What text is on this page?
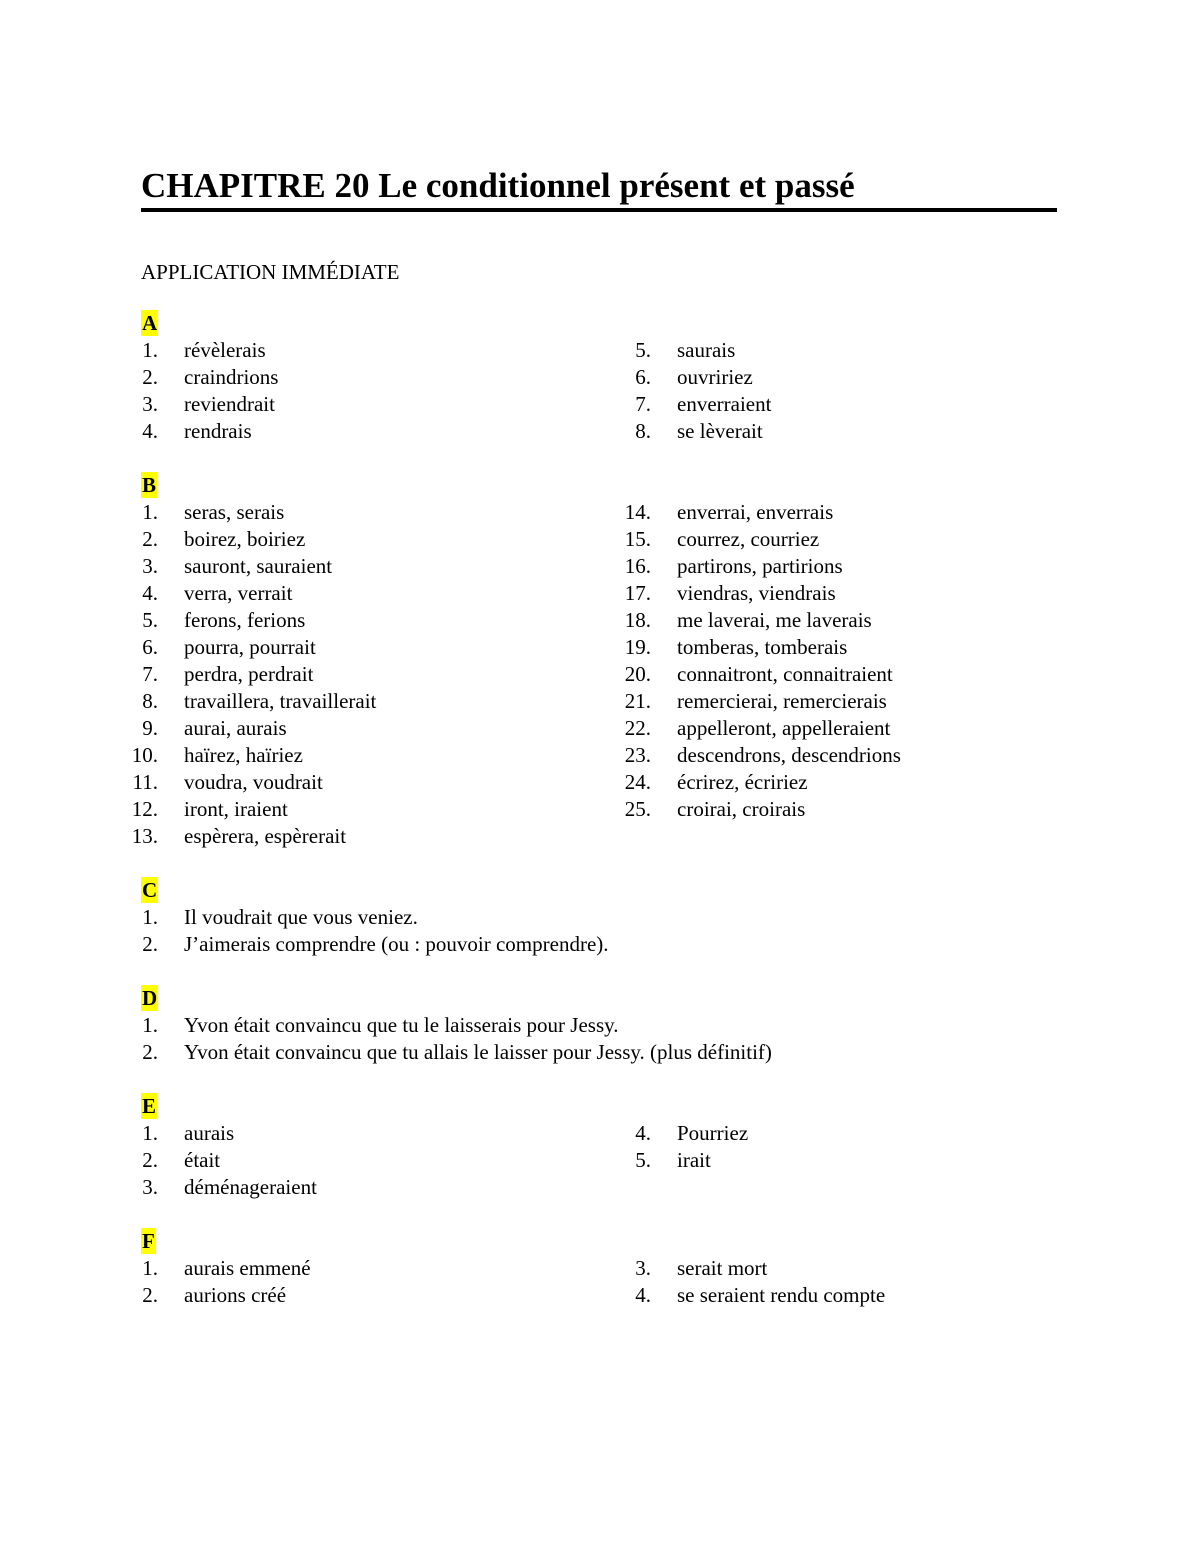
CHAPITRE 20 Le conditionnel présent et passé
APPLICATION IMMÉDIATE
A
1. révèlerais
2. craindrions
3. reviendrait
4. rendrais
5. saurais
6. ouvririez
7. enverraient
8. se lèverait
B
1. seras, serais
2. boirez, boiriez
3. sauront, sauraient
4. verra, verrait
5. ferons, ferions
6. pourra, pourrait
7. perdra, perdrait
8. travaillera, travaillerait
9. aurai, aurais
10. haïrez, haïriez
11. voudra, voudrait
12. iront, iraient
13. espèrera, espèrerait
14. enverrai, enverrais
15. courrez, courriez
16. partirons, partirions
17. viendras, viendrais
18. me laverai, me laverais
19. tomberas, tomberais
20. connaitront, connaitraient
21. remercierai, remercierais
22. appelleront, appelleraient
23. descendrons, descendrions
24. écrirez, écririez
25. croirai, croirais
C
1. Il voudrait que vous veniez.
2. J’aimerais comprendre (ou : pouvoir comprendre).
D
1. Yvon était convaincu que tu le laisserais pour Jessy.
2. Yvon était convaincu que tu allais le laisser pour Jessy. (plus définitif)
E
1. aurais
2. était
3. déménageraient
4. Pourriez
5. irait
F
1. aurais emmené
2. aurions créé
3. serait mort
4. se seraient rendu compte
